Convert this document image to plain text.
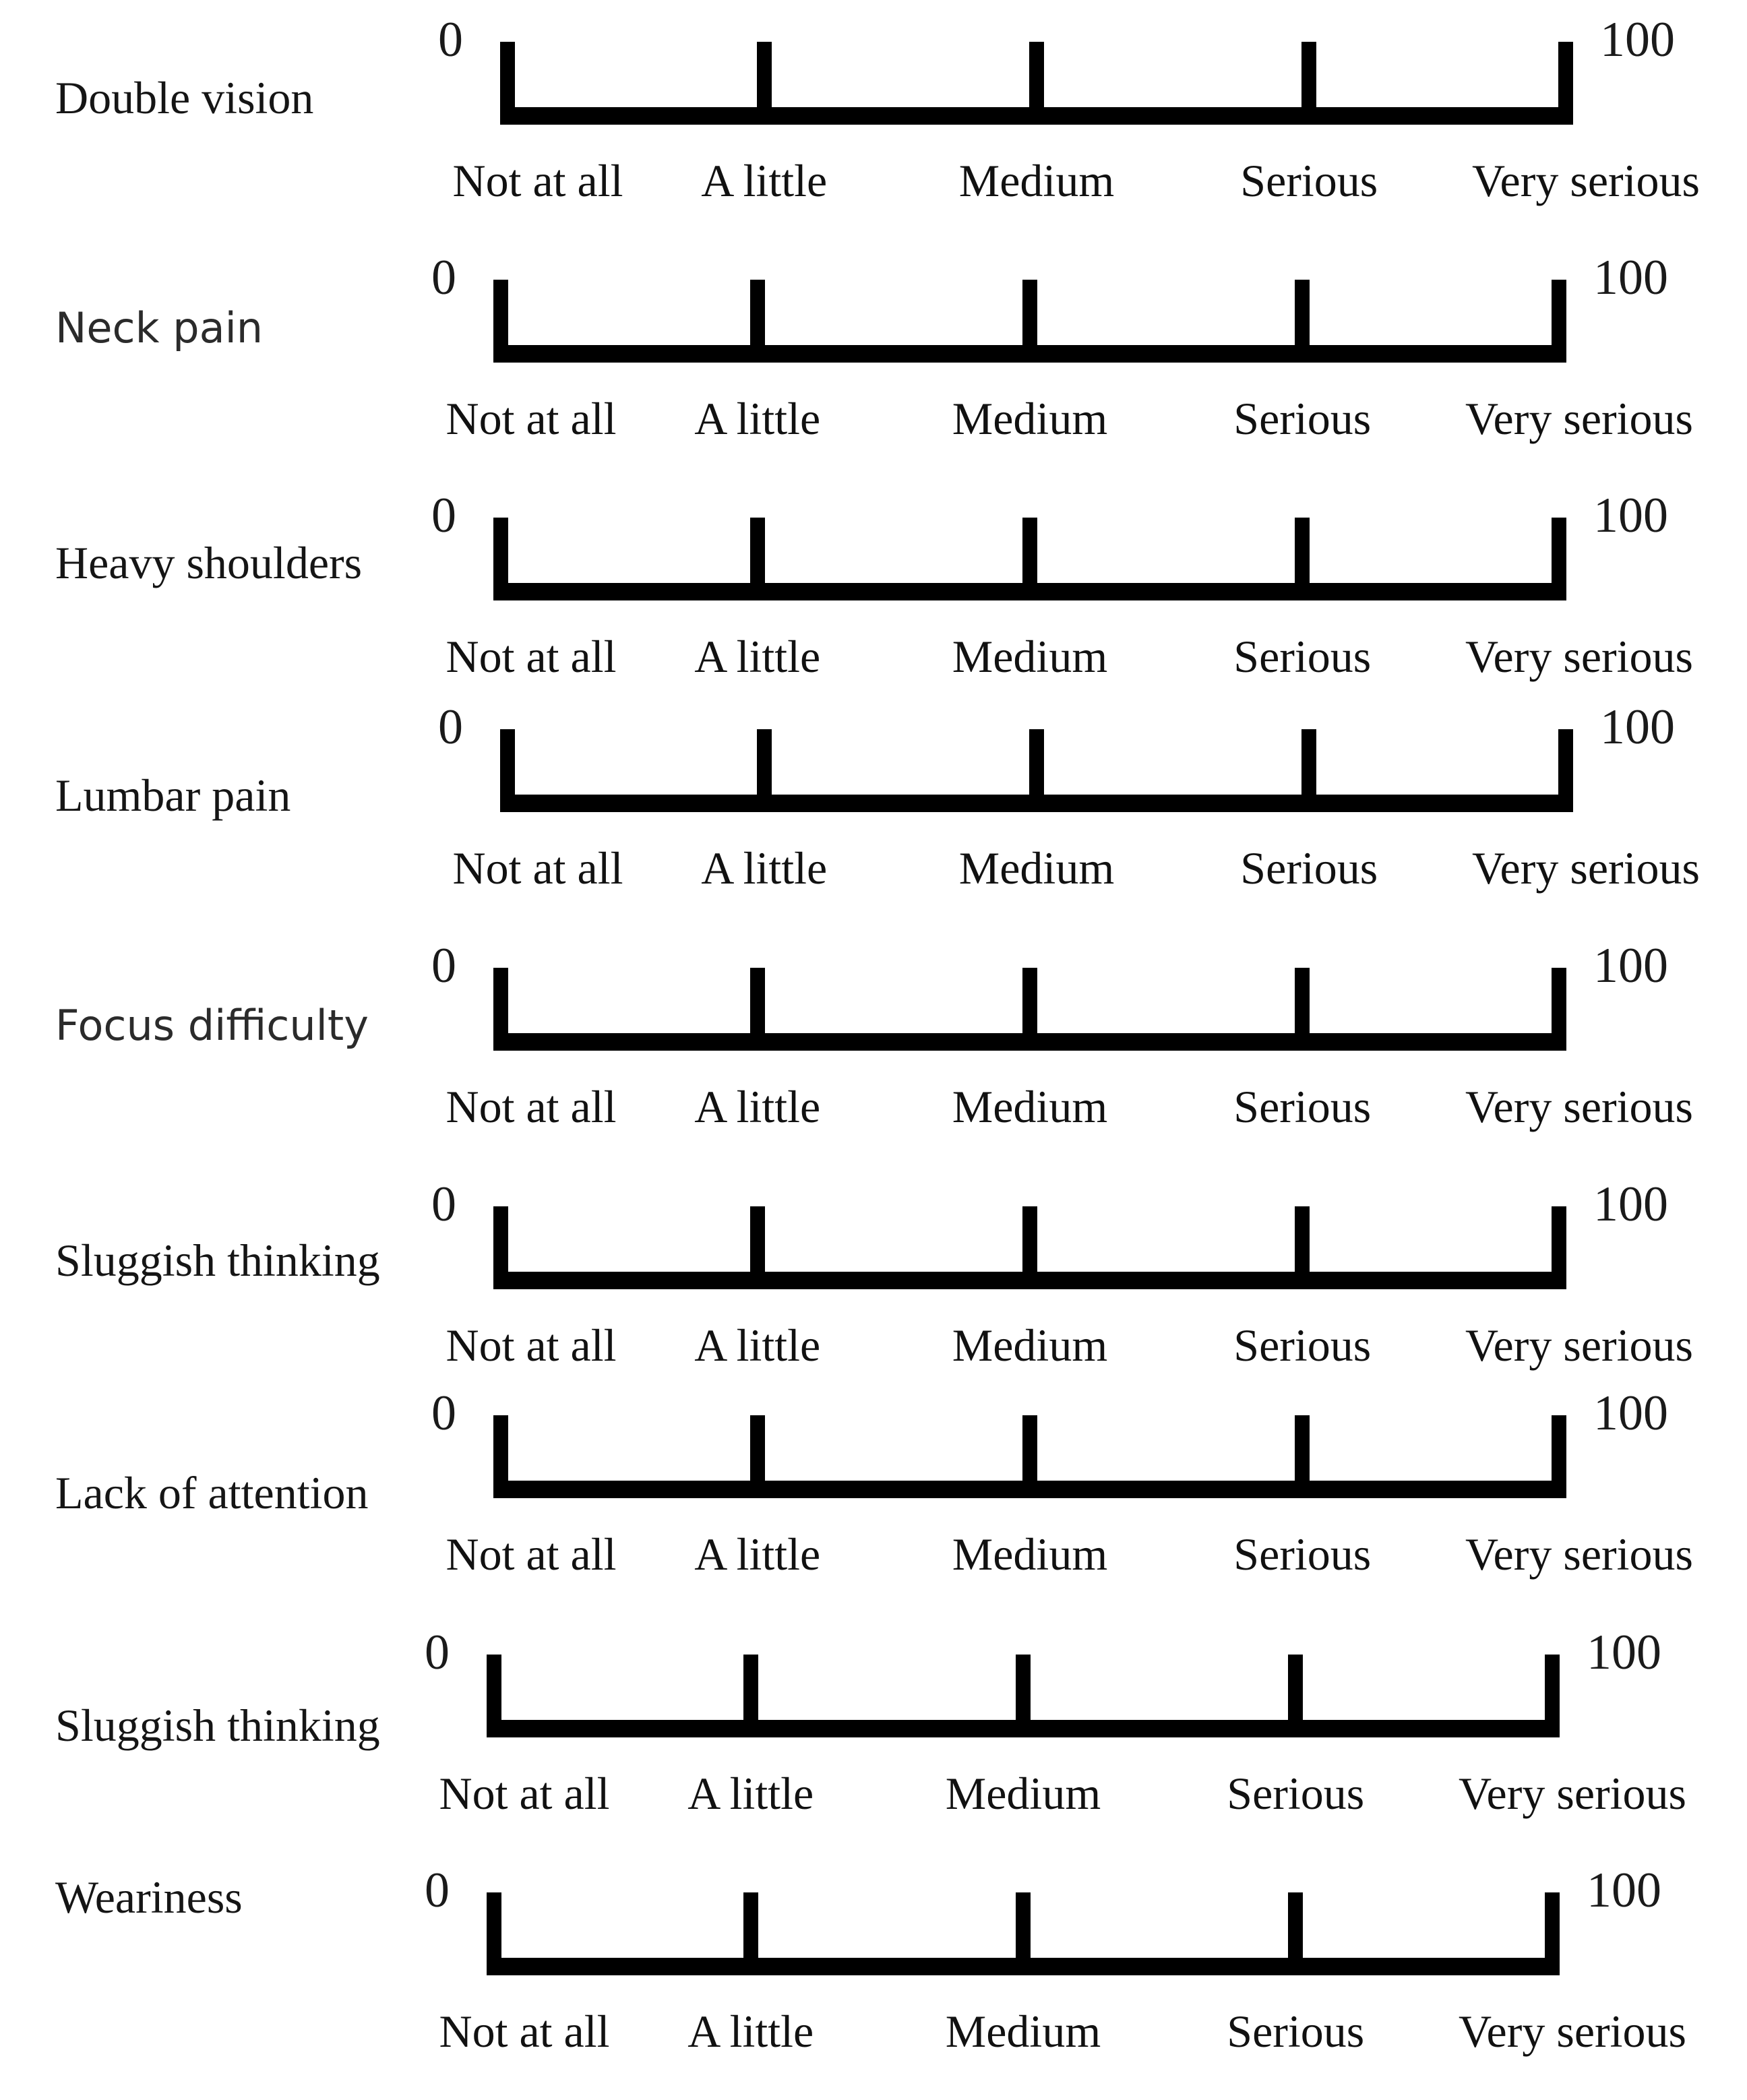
Double vision
0	100
Not at all A little	Medium	Serious Very serious
Neck pain
0	100
Not at all A little	Medium	Serious Very serious
Heavy shoulders
0	100
Not at all A little	Medium	Serious Very serious
Lumbar pain
0	100
Not at all A little	Medium	Serious Very serious
Focus difficulty
0	100
Not at all A little	Medium	Serious Very serious
Sluggish thinking
0	100
Not at all A little	Medium	Serious Very serious
Lack of attention
0	100
Not at all A little	Medium	Serious Very serious
Sluggish thinking
0	100
Not at all A little	Medium	Serious Very serious
Weariness	0	100
Not at all A little	Medium	Serious Very serious
